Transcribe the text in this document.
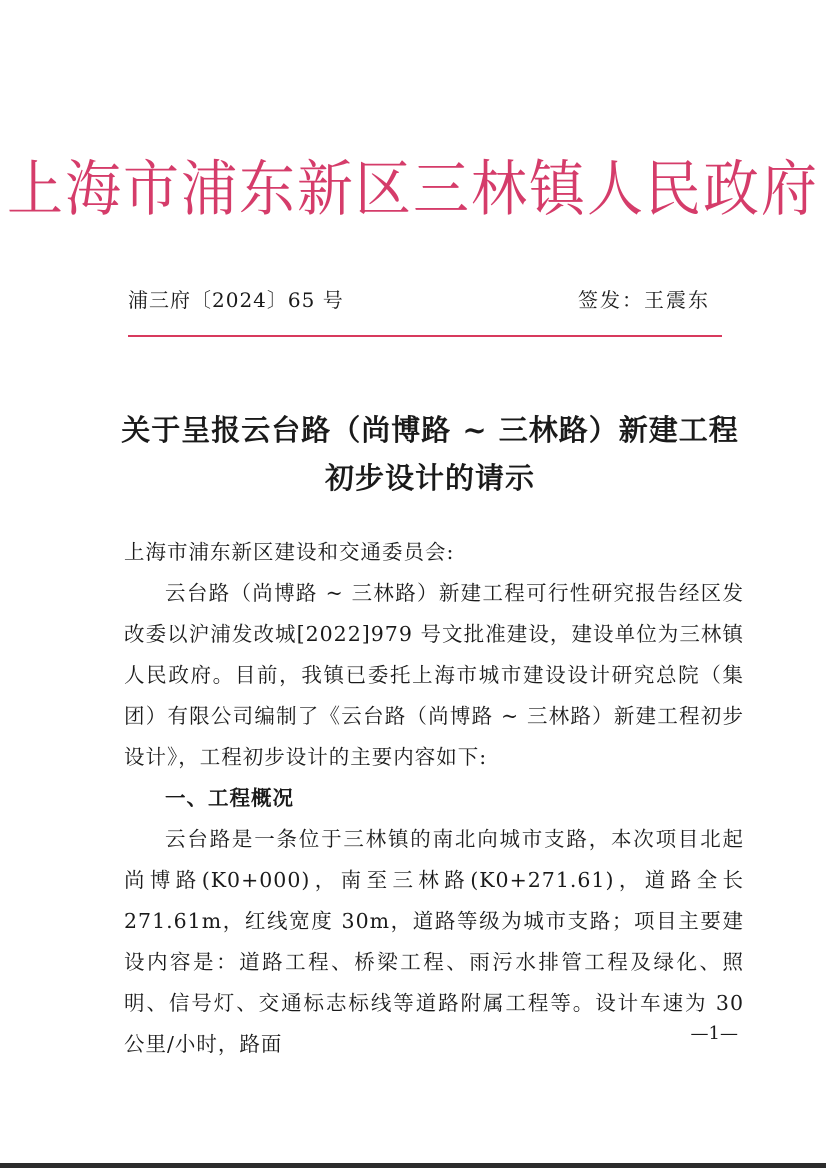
上海市浦东新区三林镇人民政府
浦三府〔2024〕65 号	签发：王震东
关于呈报云台路（尚博路 ~ 三林路）新建工程
初步设计的请示

上海市浦东新区建设和交通委员会:

云台路（尚博路 ~ 三林路）新建工程可行性研究报告经区发改委以沪浦发改城[2022]979 号文批准建设，建设单位为三林镇人民政府。目前，我镇已委托上海市城市建设设计研究总院（集团）有限公司编制了《云台路（尚博路 ~ 三林路）新建工程初步设计》，工程初步设计的主要内容如下:

一、工程概况

云台路是一条位于三林镇的南北向城市支路，本次项目北起尚博路(K0+000)，南至三林路(K0+271.61)，道路全长 271.61m，红线宽度 30m，道路等级为城市支路；项目主要建设内容是：道路工程、桥梁工程、雨污水排管工程及绿化、照明、信号灯、交通标志标线等道路附属工程等。设计车速为 30 公里/小时，路面	—1—
